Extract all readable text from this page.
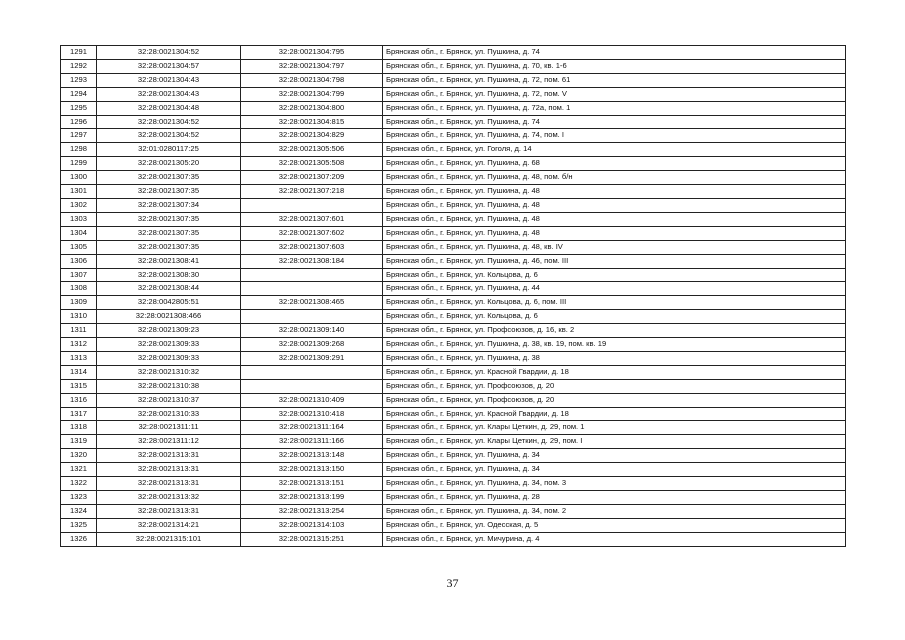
1291	32:28:0021304:52	32:28:0021304:795	Брянская обл., г. Брянск, ул. Пушкина, д. 74
1292	32:28:0021304:57	32:28:0021304:797	Брянская обл., г. Брянск, ул. Пушкина, д. 70, кв. 1-6
1293	32:28:0021304:43	32:28:0021304:798	Брянская обл., г. Брянск, ул. Пушкина, д. 72, пом. 61
1294	32:28:0021304:43	32:28:0021304:799	Брянская обл., г. Брянск, ул. Пушкина, д. 72, пом. V
1295	32:28:0021304:48	32:28:0021304:800	Брянская обл., г. Брянск, ул. Пушкина, д. 72а, пом. 1
1296	32:28:0021304:52	32:28:0021304:815	Брянская обл., г. Брянск, ул. Пушкина, д. 74
1297	32:28:0021304:52	32:28:0021304:829	Брянская обл., г. Брянск, ул. Пушкина, д. 74, пом. I
1298	32:01:0280117:25	32:28:0021305:506	Брянская обл., г. Брянск, ул. Гоголя, д. 14
1299	32:28:0021305:20	32:28:0021305:508	Брянская обл., г. Брянск, ул. Пушкина, д. 68
1300	32:28:0021307:35	32:28:0021307:209	Брянская обл., г. Брянск, ул. Пушкина, д. 48, пом. б/н
1301	32:28:0021307:35	32:28:0021307:218	Брянская обл., г. Брянск, ул. Пушкина, д. 48
1302	32:28:0021307:34		Брянская обл., г. Брянск, ул. Пушкина, д. 48
1303	32:28:0021307:35	32:28:0021307:601	Брянская обл., г. Брянск, ул. Пушкина, д. 48
1304	32:28:0021307:35	32:28:0021307:602	Брянская обл., г. Брянск, ул. Пушкина, д. 48
1305	32:28:0021307:35	32:28:0021307:603	Брянская обл., г. Брянск, ул. Пушкина, д. 48, кв. IV
1306	32:28:0021308:41	32:28:0021308:184	Брянская обл., г. Брянск, ул. Пушкина, д. 46, пом. III
1307	32:28:0021308:30		Брянская обл., г. Брянск, ул. Кольцова, д. 6
1308	32:28:0021308:44		Брянская обл., г. Брянск, ул. Пушкина, д. 44
1309	32:28:0042805:51	32:28:0021308:465	Брянская обл., г. Брянск, ул. Кольцова, д. 6, пом. III
1310	32:28:0021308:466		Брянская обл., г. Брянск, ул. Кольцова, д. 6
1311	32:28:0021309:23	32:28:0021309:140	Брянская обл., г. Брянск, ул. Профсоюзов, д. 16, кв. 2
1312	32:28:0021309:33	32:28:0021309:268	Брянская обл., г. Брянск, ул. Пушкина, д. 38, кв. 19, пом. кв. 19
1313	32:28:0021309:33	32:28:0021309:291	Брянская обл., г. Брянск, ул. Пушкина, д. 38
1314	32:28:0021310:32		Брянская обл., г. Брянск, ул. Красной Гвардии, д. 18
1315	32:28:0021310:38		Брянская обл., г. Брянск, ул. Профсоюзов, д. 20
1316	32:28:0021310:37	32:28:0021310:409	Брянская обл., г. Брянск, ул. Профсоюзов, д. 20
1317	32:28:0021310:33	32:28:0021310:418	Брянская обл., г. Брянск, ул. Красной Гвардии, д. 18
1318	32:28:0021311:11	32:28:0021311:164	Брянская обл., г. Брянск, ул. Клары Цеткин, д. 29, пом. 1
1319	32:28:0021311:12	32:28:0021311:166	Брянская обл., г. Брянск, ул. Клары Цеткин, д. 29, пом. I
1320	32:28:0021313:31	32:28:0021313:148	Брянская обл., г. Брянск, ул. Пушкина, д. 34
1321	32:28:0021313:31	32:28:0021313:150	Брянская обл., г. Брянск, ул. Пушкина, д. 34
1322	32:28:0021313:31	32:28:0021313:151	Брянская обл., г. Брянск, ул. Пушкина, д. 34, пом. 3
1323	32:28:0021313:32	32:28:0021313:199	Брянская обл., г. Брянск, ул. Пушкина, д. 28
1324	32:28:0021313:31	32:28:0021313:254	Брянская обл., г. Брянск, ул. Пушкина, д. 34, пом. 2
1325	32:28:0021314:21	32:28:0021314:103	Брянская обл., г. Брянск, ул. Одесская, д. 5
1326	32:28:0021315:101	32:28:0021315:251	Брянская обл., г. Брянск, ул. Мичурина, д. 4
37
